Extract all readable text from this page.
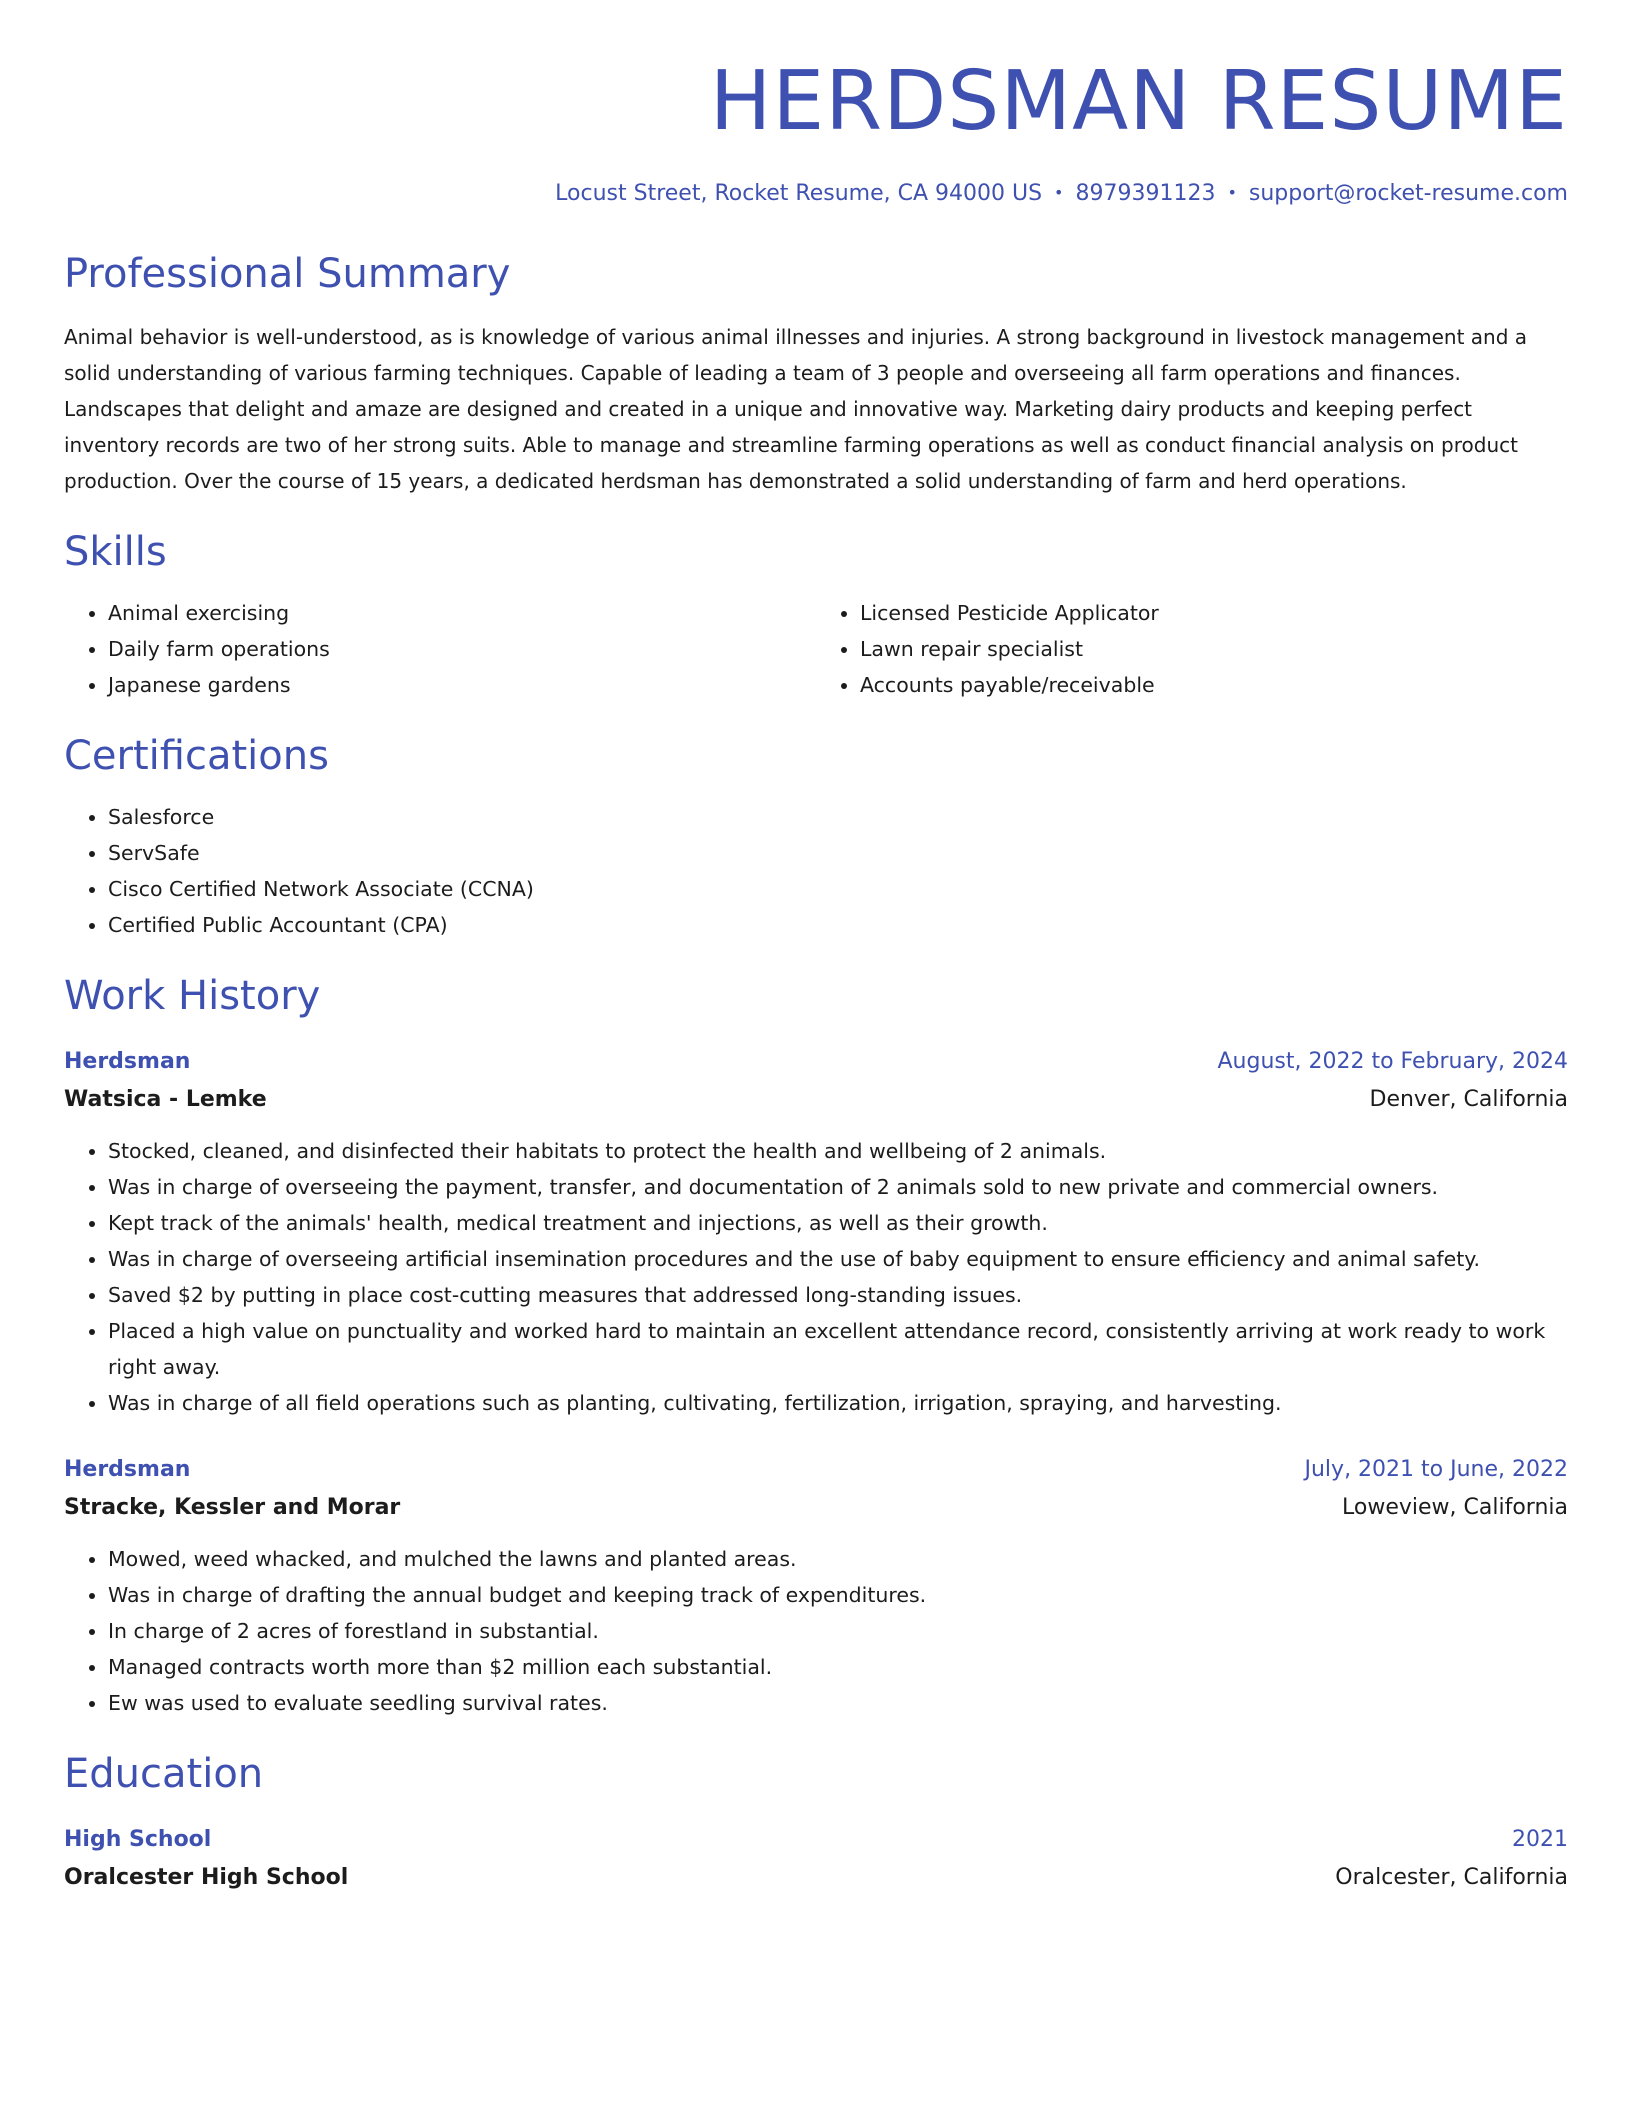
HERDSMAN RESUME
Locust Street, Rocket Resume, CA 94000 US • 8979391123 • support@rocket-resume.com
Professional Summary
Animal behavior is well-understood, as is knowledge of various animal illnesses and injuries. A strong background in livestock management and a solid understanding of various farming techniques. Capable of leading a team of 3 people and overseeing all farm operations and finances. Landscapes that delight and amaze are designed and created in a unique and innovative way. Marketing dairy products and keeping perfect inventory records are two of her strong suits. Able to manage and streamline farming operations as well as conduct financial analysis on product production. Over the course of 15 years, a dedicated herdsman has demonstrated a solid understanding of farm and herd operations.
Skills
• Animal exercising
• Daily farm operations
• Japanese gardens
• Licensed Pesticide Applicator
• Lawn repair specialist
• Accounts payable/receivable
Certifications
• Salesforce
• ServSafe
• Cisco Certified Network Associate (CCNA)
• Certified Public Accountant (CPA)
Work History
Herdsman	August, 2022 to February, 2024
Watsica - Lemke	Denver, California
• Stocked, cleaned, and disinfected their habitats to protect the health and wellbeing of 2 animals.
• Was in charge of overseeing the payment, transfer, and documentation of 2 animals sold to new private and commercial owners.
• Kept track of the animals' health, medical treatment and injections, as well as their growth.
• Was in charge of overseeing artificial insemination procedures and the use of baby equipment to ensure efficiency and animal safety.
• Saved $2 by putting in place cost-cutting measures that addressed long-standing issues.
• Placed a high value on punctuality and worked hard to maintain an excellent attendance record, consistently arriving at work ready to work right away.
• Was in charge of all field operations such as planting, cultivating, fertilization, irrigation, spraying, and harvesting.
Herdsman	July, 2021 to June, 2022
Stracke, Kessler and Morar	Loweview, California
• Mowed, weed whacked, and mulched the lawns and planted areas.
• Was in charge of drafting the annual budget and keeping track of expenditures.
• In charge of 2 acres of forestland in substantial.
• Managed contracts worth more than $2 million each substantial.
• Ew was used to evaluate seedling survival rates.
Education
High School	2021
Oralcester High School	Oralcester, California
